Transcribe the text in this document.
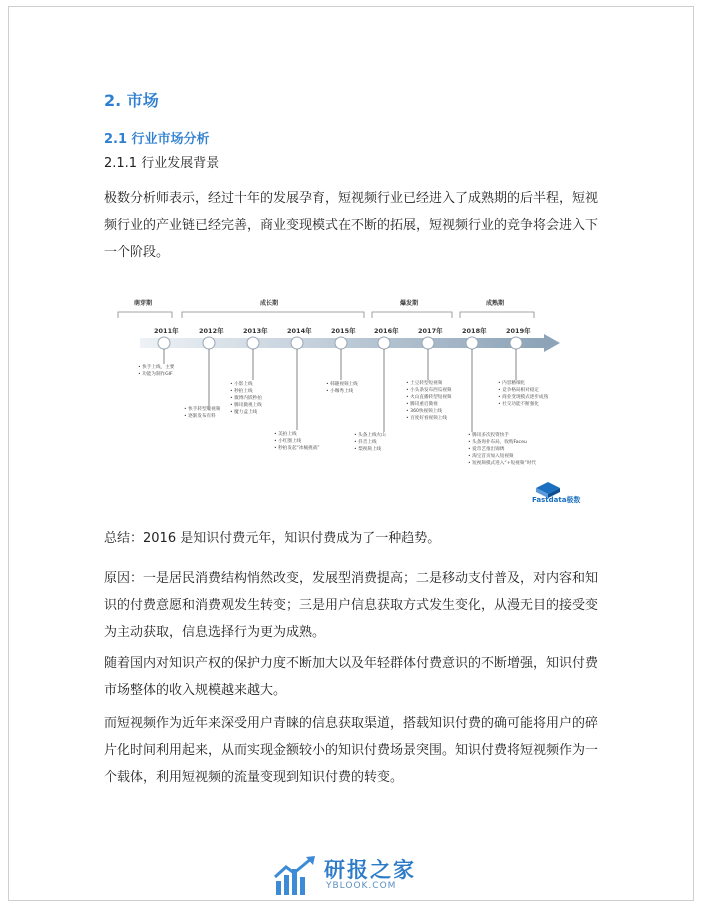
2. 市场
2.1 行业市场分析
2.1.1 行业发展背景

极数分析师表示，经过十年的发展孕育，短视频行业已经进入了成熟期的后半程，短视频行业的产业链已经完善，商业变现模式在不断的拓展，短视频行业的竞争将会进入下一个阶段。

萌芽期	成长期	爆发期	成熟期
2011年	2012年	2013年	2014年	2015年	2016年	2017年	2018年	2019年
• 快手上线，主要
• 功能为制作GIF
• 快手转型短视频
• 逐渐发布有料
• 小影上线
• 秒拍上线
• 微博内嵌秒拍
• 腾讯微视上线
• 魔力盒上线
• 美拍上线
• 小红圈上线
• 秒拍发起“冰桶挑战”
• 韩趣视频上线
• 小咖秀上线
• 头条上线火山
• 抖音上线
• 梨视频上线
• 土豆转型短视频
• 小头条发布西瓜视频
• 火山直播转型短视频
• 腾讯重启微视
• 360快视频上线
• 百度好看视频上线
• 腾讯多次投资快手
• 头条询扑布局，收购Faceu
• 爱奇艺推出锦绣
• 淘宝首页加入短视频
• 短视频模式进入“+短视频”时代
• 内容精细化
• 竞争格局相对稳定
• 商业变现模式逐步成熟
• 社交功能不断强化
Fastdata极数

总结：2016 是知识付费元年，知识付费成为了一种趋势。

原因：一是居民消费结构悄然改变，发展型消费提高；二是移动支付普及，对内容和知识的付费意愿和消费观发生转变；三是用户信息获取方式发生变化，从漫无目的接受变为主动获取，信息选择行为更为成熟。

随着国内对知识产权的保护力度不断加大以及年轻群体付费意识的不断增强，知识付费市场整体的收入规模越来越大。

而短视频作为近年来深受用户青睐的信息获取渠道，搭载知识付费的确可能将用户的碎片化时间利用起来，从而实现金额较小的知识付费场景突围。知识付费将短视频作为一个载体，利用短视频的流量变现到知识付费的转变。

研报之家
YBLOOK.COM
